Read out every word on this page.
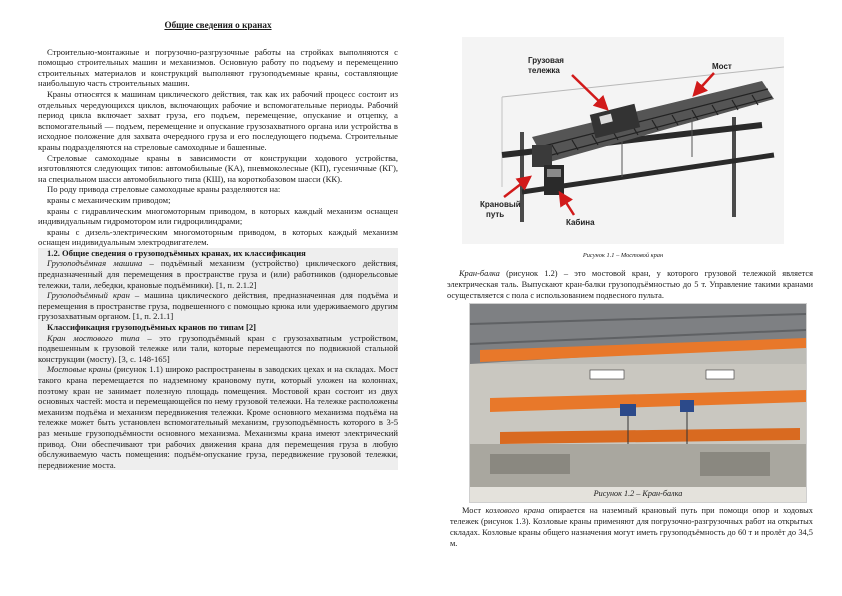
Общие сведения о кранах

Строительно-монтажные и погрузочно-разгрузочные работы на стройках выполняются с помощью строительных машин и механизмов. Основную работу по подъему и перемещению строительных материалов и конструкций выполняют грузоподъемные краны, составляющие наибольшую часть строительных машин.

Краны относятся к машинам циклического действия, так как их рабочий процесс состоит из отдельных чередующихся циклов, включающих рабочие и вспомогательные периоды. Рабочий период цикла включает захват груза, его подъем, перемещение, опускание и отцепку, а вспомогательный — подъем, перемещение и опускание грузозахватного органа или устройства в исходное положение для захвата очередного груза и его последующего подъема. Строительные краны подразделяются на стреловые самоходные и башенные.

Стреловые самоходные краны в зависимости от конструкции ходового устройства, изготовляются следующих типов: автомобильные (КА), пневмоколесные (КП), гусеничные (КГ), на специальном шасси автомобильного типа (КШ), на короткобазовом шасси (КК).

По роду привода стреловые самоходные краны разделяются на:

краны с механическим приводом;

краны с гидравлическим многомоторным приводом, в которых каждый механизм оснащен индивидуальным гидромотором или гидроцилиндрами;

краны с дизель-электрическим многомоторным приводом, в которых каждый механизм оснащен индивидуальным электродвигателем.

1.2. Общие сведения о грузоподъёмных кранах, их классификация

Грузоподъёмная машина – подъёмный механизм (устройство) циклического действия, предназначенный для перемещения в пространстве груза и (или) работников (однорельсовые тележки, тали, лебедки, крановые подъёмники). [1, п. 2.1.2]

Грузоподъёмный кран – машина циклического действия, предназначенная для подъёма и перемещения в пространстве груза, подвешенного с помощью крюка или удерживаемого другим грузозахватным органом. [1, п. 2.1.1]

Классификация грузоподъёмных кранов по типам [2]

Кран мостового типа – это грузоподъёмный кран с грузозахватным устройством, подвешенным к грузовой тележке или тали, которые перемещаются по подвижной стальной конструкции (мосту). [3, с. 148-165]

Мостовые краны (рисунок 1.1) широко распространены в заводских цехах и на складах. Мост такого крана перемещается по надземному крановому пути, который уложен на колоннах, поэтому кран не занимает полезную площадь помещения. Мостовой кран состоит из двух основных частей: моста и перемещающейся по нему грузовой тележки. На тележке расположены механизм подъёма и механизм передвижения тележки. Кроме основного механизма подъёма на тележке может быть установлен вспомогательный механизм, грузоподъёмность которого в 3-5 раз меньше грузоподъёмности основного механизма. Механизмы крана имеют электрический привод. Они обеспечивают три рабочих движения крана для перемещения груза в любую обслуживаемую часть помещения: подъём-опускание груза, передвижение грузовой тележки, передвижение моста.

Грузовая
тележка	Мост
Крановый
путь
Кабина
Рисунок 1.1 – Мостовой кран

Кран-балка (рисунок 1.2) – это мостовой кран, у которого грузовой тележкой является электрическая таль. Выпускают кран-балки грузоподъёмностью до 5 т. Управление такими кранами осуществляется с пола с использованием подвесного пульта.

Рисунок 1.2 – Кран-балка

Мост козлового крана опирается на наземный крановый путь при помощи опор и ходовых тележек (рисунок 1.3). Козловые краны применяют для погрузочно-разгрузочных работ на открытых складах. Козловые краны общего назначения могут иметь грузоподъёмность до 60 т и пролёт до 34,5 м.
